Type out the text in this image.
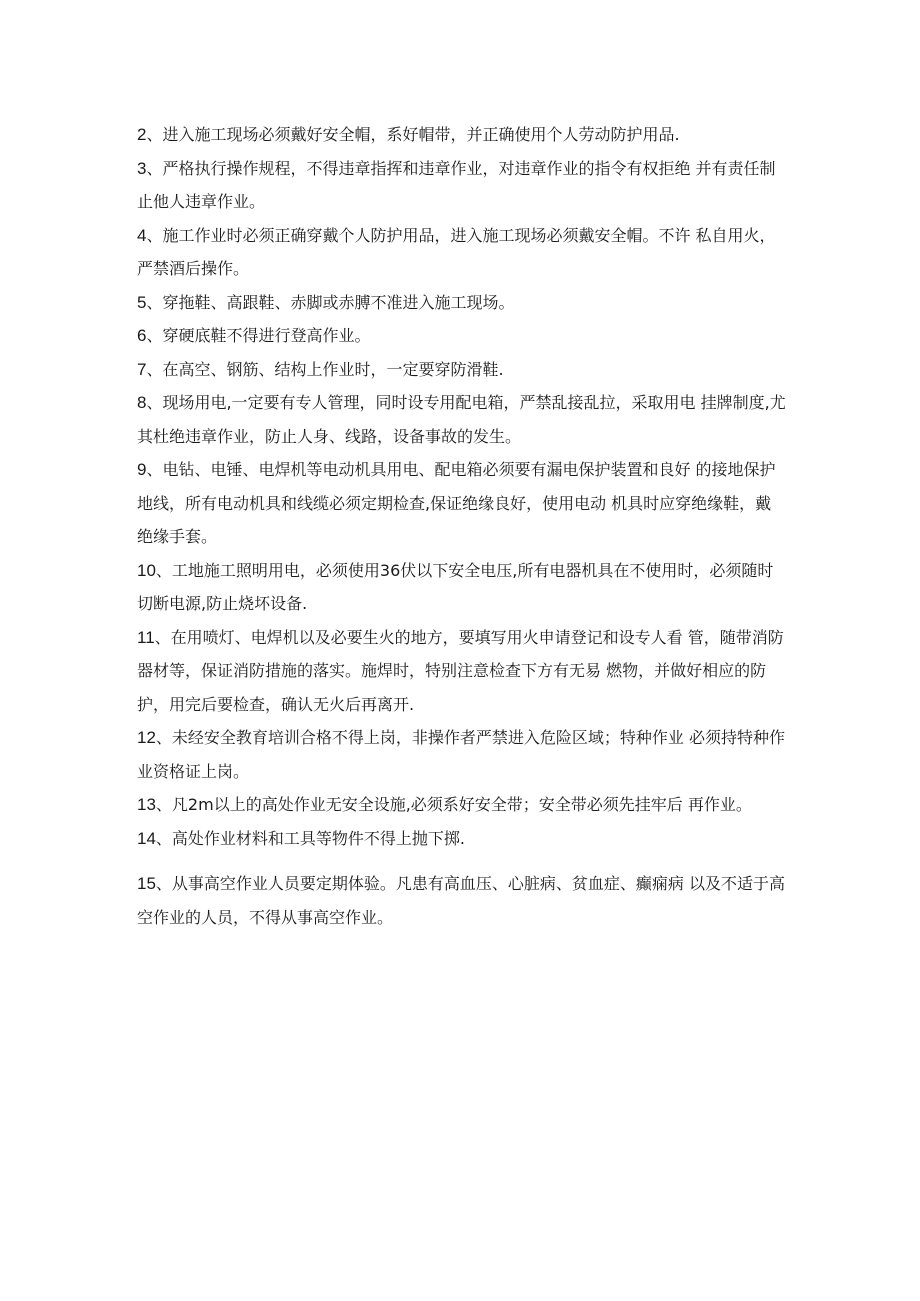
2、进入施工现场必须戴好安全帽，系好帽带，并正确使用个人劳动防护用品.

3、严格执行操作规程，不得违章指挥和违章作业，对违章作业的指令有权拒绝 并有责任制止他人违章作业。

4、施工作业时必须正确穿戴个人防护用品，进入施工现场必须戴安全帽。不许 私自用火，严禁酒后操作。

5、穿拖鞋、高跟鞋、赤脚或赤膊不准进入施工现场。

6、穿硬底鞋不得进行登高作业。

7、在高空、钢筋、结构上作业时，一定要穿防滑鞋.

8、现场用电,一定要有专人管理，同时设专用配电箱，严禁乱接乱拉，采取用电 挂牌制度,尤其杜绝违章作业，防止人身、线路，设备事故的发生。

9、电钻、电锤、电焊机等电动机具用电、配电箱必须要有漏电保护装置和良好 的接地保护地线，所有电动机具和线缆必须定期检查,保证绝缘良好，使用电动 机具时应穿绝缘鞋，戴绝缘手套。

10、工地施工照明用电，必须使用36伏以下安全电压,所有电器机具在不使用时，必须随时切断电源,防止烧坏设备.

11、在用喷灯、电焊机以及必要生火的地方，要填写用火申请登记和设专人看 管，随带消防器材等，保证消防措施的落实。施焊时，特别注意检查下方有无易 燃物，并做好相应的防护，用完后要检查，确认无火后再离开.

12、未经安全教育培训合格不得上岗，非操作者严禁进入危险区域；特种作业 必须持特种作业资格证上岗。

13、凡2m以上的高处作业无安全设施,必须系好安全带；安全带必须先挂牢后 再作业。

14、高处作业材料和工具等物件不得上抛下掷.

15、从事高空作业人员要定期体验。凡患有高血压、心脏病、贫血症、癫痫病 以及不适于高空作业的人员，不得从事高空作业。
